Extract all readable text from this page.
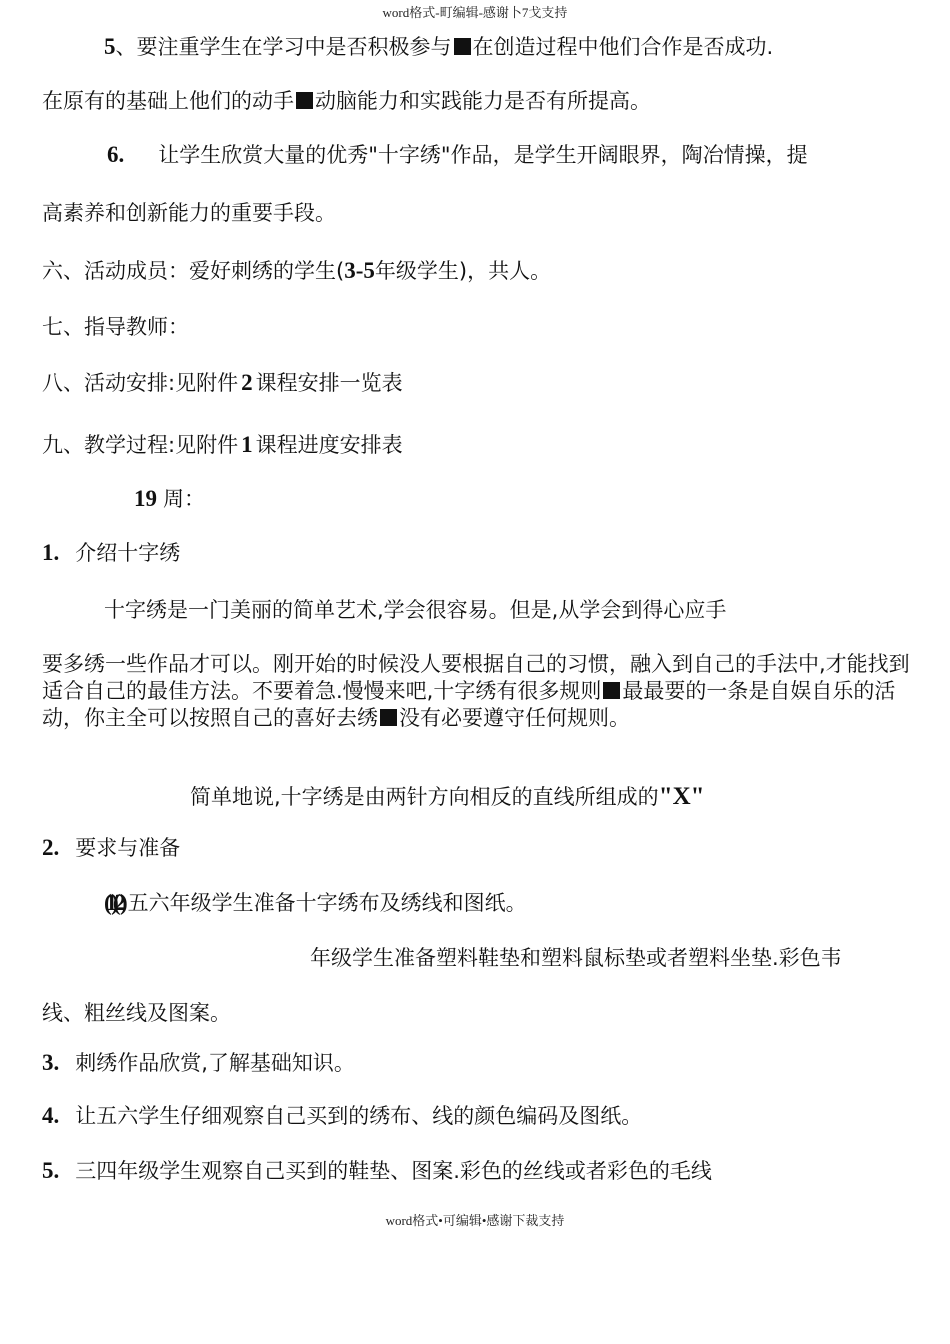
word格式-町编辑-感谢卜7戈支持
5、要注重学生在学习中是否积极参与 在创造过程中他们合作是否成功.
在原有的基础上他们的动手 动脑能力和实践能力是否有所提高。
6. 让学生欣赏大量的优秀"十字绣"作品，是学生开阔眼界，陶冶情操，提
高素养和创新能力的重要手段。
六、活动成员：爱好刺绣的学生(3-5年级学生)，共人。
七、指导教师：
八、活动安排:见附件 2 课程安排一览表
九、教学过程:见附件 1 课程进度安排表
19 周：
1. 介绍十字绣
十字绣是一门美丽的简单艺术,学会很容易。但是,从学会到得心应手
要多绣一些作品才可以。刚开始的时候没人要根据自己的习惯，融入到自己的手法中,才能找到适合自己的最佳方法。不要着急.慢慢来吧,十字绣有很多规则 最最要的一条是自娱自乐的活动，你主全可以按照自己的喜好去绣 没有必要遵守任何规则。
简单地说,十字绣是由两针方向相反的直线所组成的"X"
2. 要求与准备
(1)(2) 五六年级学生准备十字绣布及绣线和图纸。
年级学生准备塑料鞋垫和塑料鼠标垫或者塑料坐垫.彩色韦
线、粗丝线及图案。
3. 刺绣作品欣赏,了解基础知识。
4. 让五六学生仔细观察自己买到的绣布、线的颜色编码及图纸。
5. 三四年级学生观察自己买到的鞋垫、图案.彩色的丝线或者彩色的毛线
word格式•可编辑•感谢下裁支持
